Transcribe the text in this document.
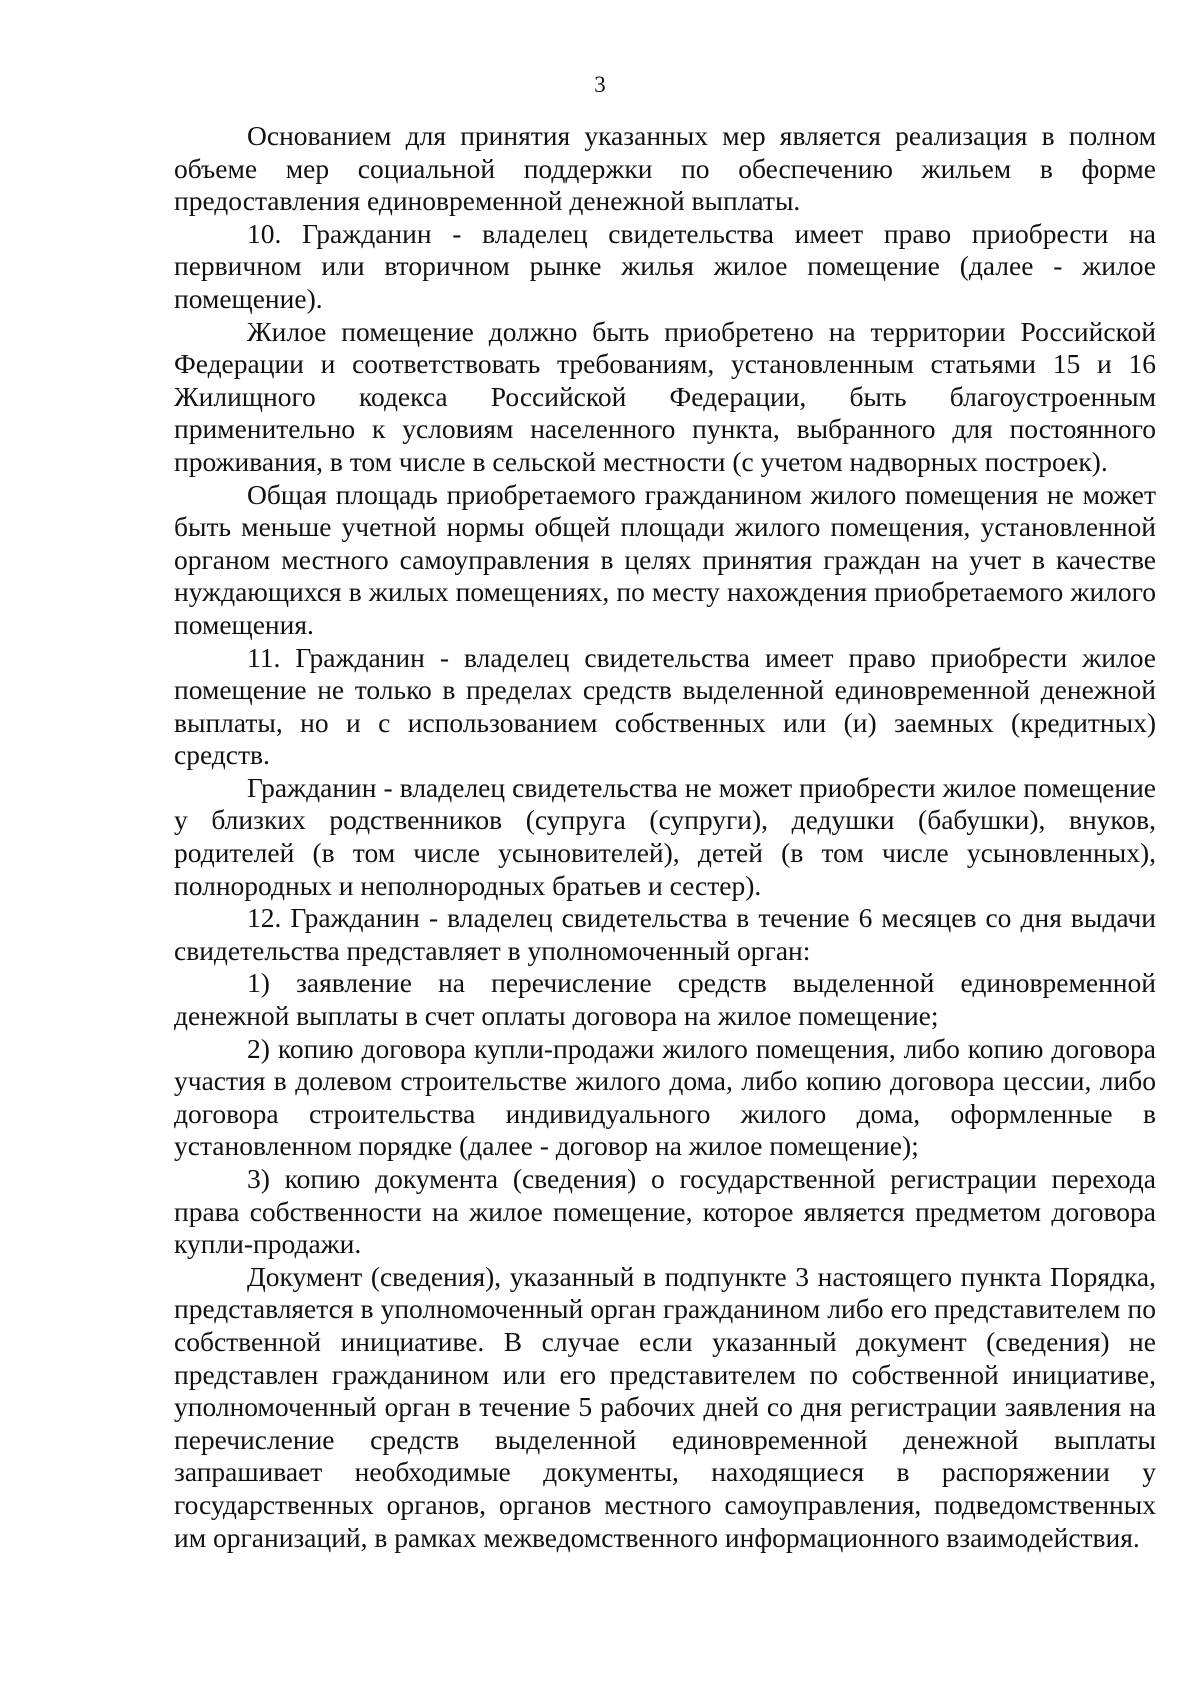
3

Основанием для принятия указанных мер является реализация в полном объеме мер социальной поддержки по обеспечению жильем в форме предоставления единовременной денежной выплаты.

10. Гражданин - владелец свидетельства имеет право приобрести на первичном или вторичном рынке жилья жилое помещение (далее - жилое помещение).

Жилое помещение должно быть приобретено на территории Российской Федерации и соответствовать требованиям, установленным статьями 15 и 16 Жилищного кодекса Российской Федерации, быть благоустроенным применительно к условиям населенного пункта, выбранного для постоянного проживания, в том числе в сельской местности (с учетом надворных построек).

Общая площадь приобретаемого гражданином жилого помещения не может быть меньше учетной нормы общей площади жилого помещения, установленной органом местного самоуправления в целях принятия граждан на учет в качестве нуждающихся в жилых помещениях, по месту нахождения приобретаемого жилого помещения.

11. Гражданин - владелец свидетельства имеет право приобрести жилое помещение не только в пределах средств выделенной единовременной денежной выплаты, но и с использованием собственных или (и) заемных (кредитных) средств.

Гражданин - владелец свидетельства не может приобрести жилое помещение у близких родственников (супруга (супруги), дедушки (бабушки), внуков, родителей (в том числе усыновителей), детей (в том числе усыновленных), полнородных и неполнородных братьев и сестер).

12. Гражданин - владелец свидетельства в течение 6 месяцев со дня выдачи свидетельства представляет в уполномоченный орган:

1) заявление на перечисление средств выделенной единовременной денежной выплаты в счет оплаты договора на жилое помещение;

2) копию договора купли-продажи жилого помещения, либо копию договора участия в долевом строительстве жилого дома, либо копию договора цессии, либо договора строительства индивидуального жилого дома, оформленные в установленном порядке (далее - договор на жилое помещение);

3) копию документа (сведения) о государственной регистрации перехода права собственности на жилое помещение, которое является предметом договора купли-продажи.

Документ (сведения), указанный в подпункте 3 настоящего пункта Порядка, представляется в уполномоченный орган гражданином либо его представителем по собственной инициативе. В случае если указанный документ (сведения) не представлен гражданином или его представителем по собственной инициативе, уполномоченный орган в течение 5 рабочих дней со дня регистрации заявления на перечисление средств выделенной единовременной денежной выплаты запрашивает необходимые документы, находящиеся в распоряжении у государственных органов, органов местного самоуправления, подведомственных им организаций, в рамках межведомственного информационного взаимодействия.
